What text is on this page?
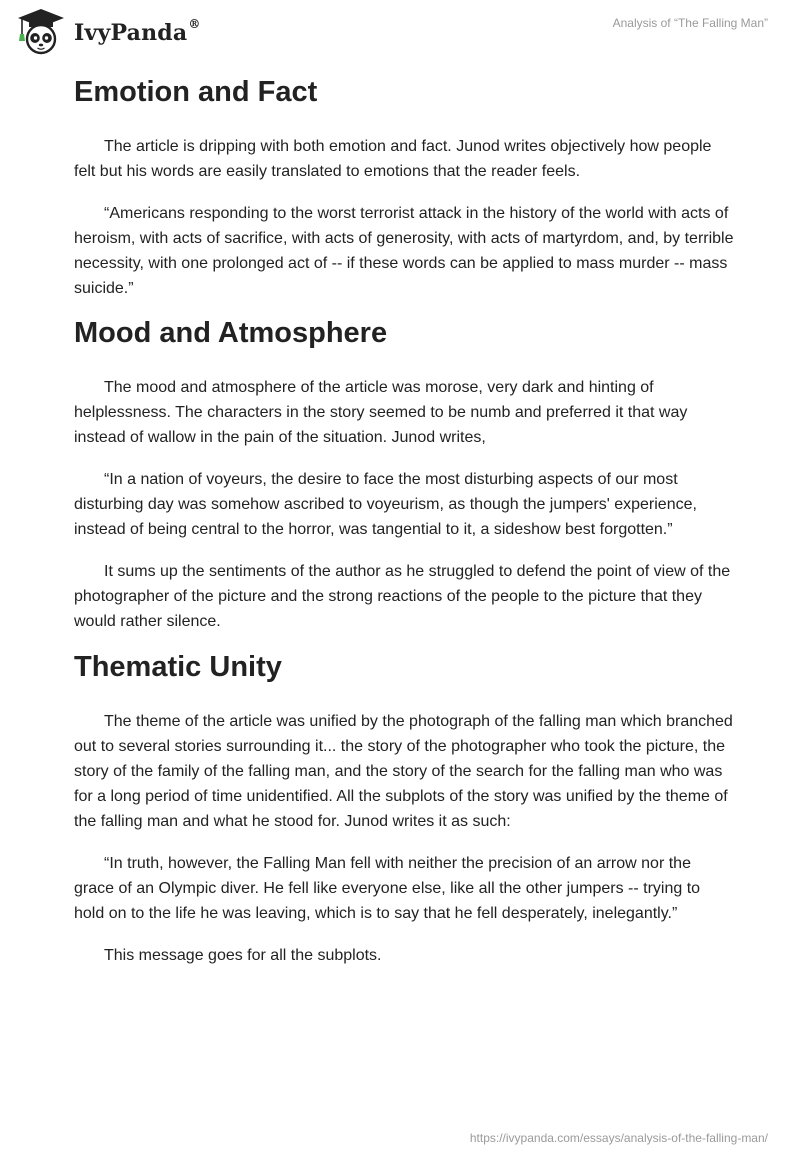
IvyPanda®	Analysis of “The Falling Man”
Emotion and Fact

The article is dripping with both emotion and fact. Junod writes objectively how people felt but his words are easily translated to emotions that the reader feels.

“Americans responding to the worst terrorist attack in the history of the world with acts of heroism, with acts of sacrifice, with acts of generosity, with acts of martyrdom, and, by terrible necessity, with one prolonged act of -- if these words can be applied to mass murder -- mass suicide.”

Mood and Atmosphere

The mood and atmosphere of the article was morose, very dark and hinting of helplessness. The characters in the story seemed to be numb and preferred it that way instead of wallow in the pain of the situation. Junod writes,

“In a nation of voyeurs, the desire to face the most disturbing aspects of our most disturbing day was somehow ascribed to voyeurism, as though the jumpers' experience, instead of being central to the horror, was tangential to it, a sideshow best forgotten.”

It sums up the sentiments of the author as he struggled to defend the point of view of the photographer of the picture and the strong reactions of the people to the picture that they would rather silence.

Thematic Unity

The theme of the article was unified by the photograph of the falling man which branched out to several stories surrounding it... the story of the photographer who took the picture, the story of the family of the falling man, and the story of the search for the falling man who was for a long period of time unidentified. All the subplots of the story was unified by the theme of the falling man and what he stood for. Junod writes it as such:

“In truth, however, the Falling Man fell with neither the precision of an arrow nor the grace of an Olympic diver. He fell like everyone else, like all the other jumpers -- trying to hold on to the life he was leaving, which is to say that he fell desperately, inelegantly.”

This message goes for all the subplots.

https://ivypanda.com/essays/analysis-of-the-falling-man/
